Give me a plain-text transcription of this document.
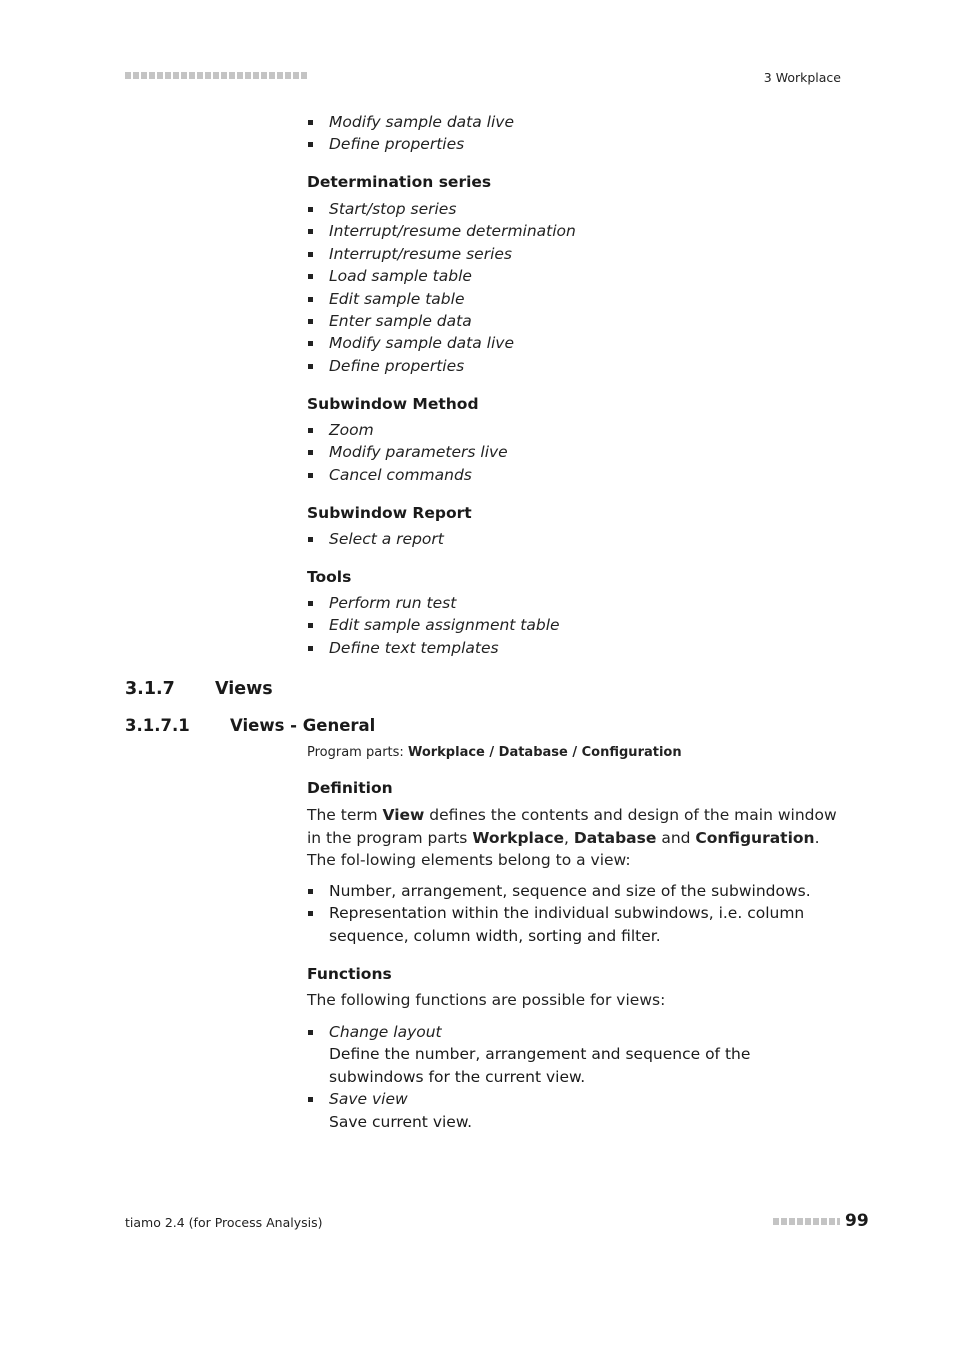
3 Workplace
Modify sample data live
Define properties
Determination series
Start/stop series
Interrupt/resume determination
Interrupt/resume series
Load sample table
Edit sample table
Enter sample data
Modify sample data live
Define properties
Subwindow Method
Zoom
Modify parameters live
Cancel commands
Subwindow Report
Select a report
Tools
Perform run test
Edit sample assignment table
Define text templates
3.1.7 Views
3.1.7.1 Views - General
Program parts: Workplace / Database / Configuration
Definition

The term View defines the contents and design of the main window in the program parts Workplace, Database and Configuration. The fol-lowing elements belong to a view:

Number, arrangement, sequence and size of the subwindows.
Representation within the individual subwindows, i.e. column sequence, column width, sorting and filter.
Functions

The following functions are possible for views:

Change layout
Define the number, arrangement and sequence of the subwindows for the current view.
Save view
Save current view.
tiamo 2.4 (for Process Analysis)	99
